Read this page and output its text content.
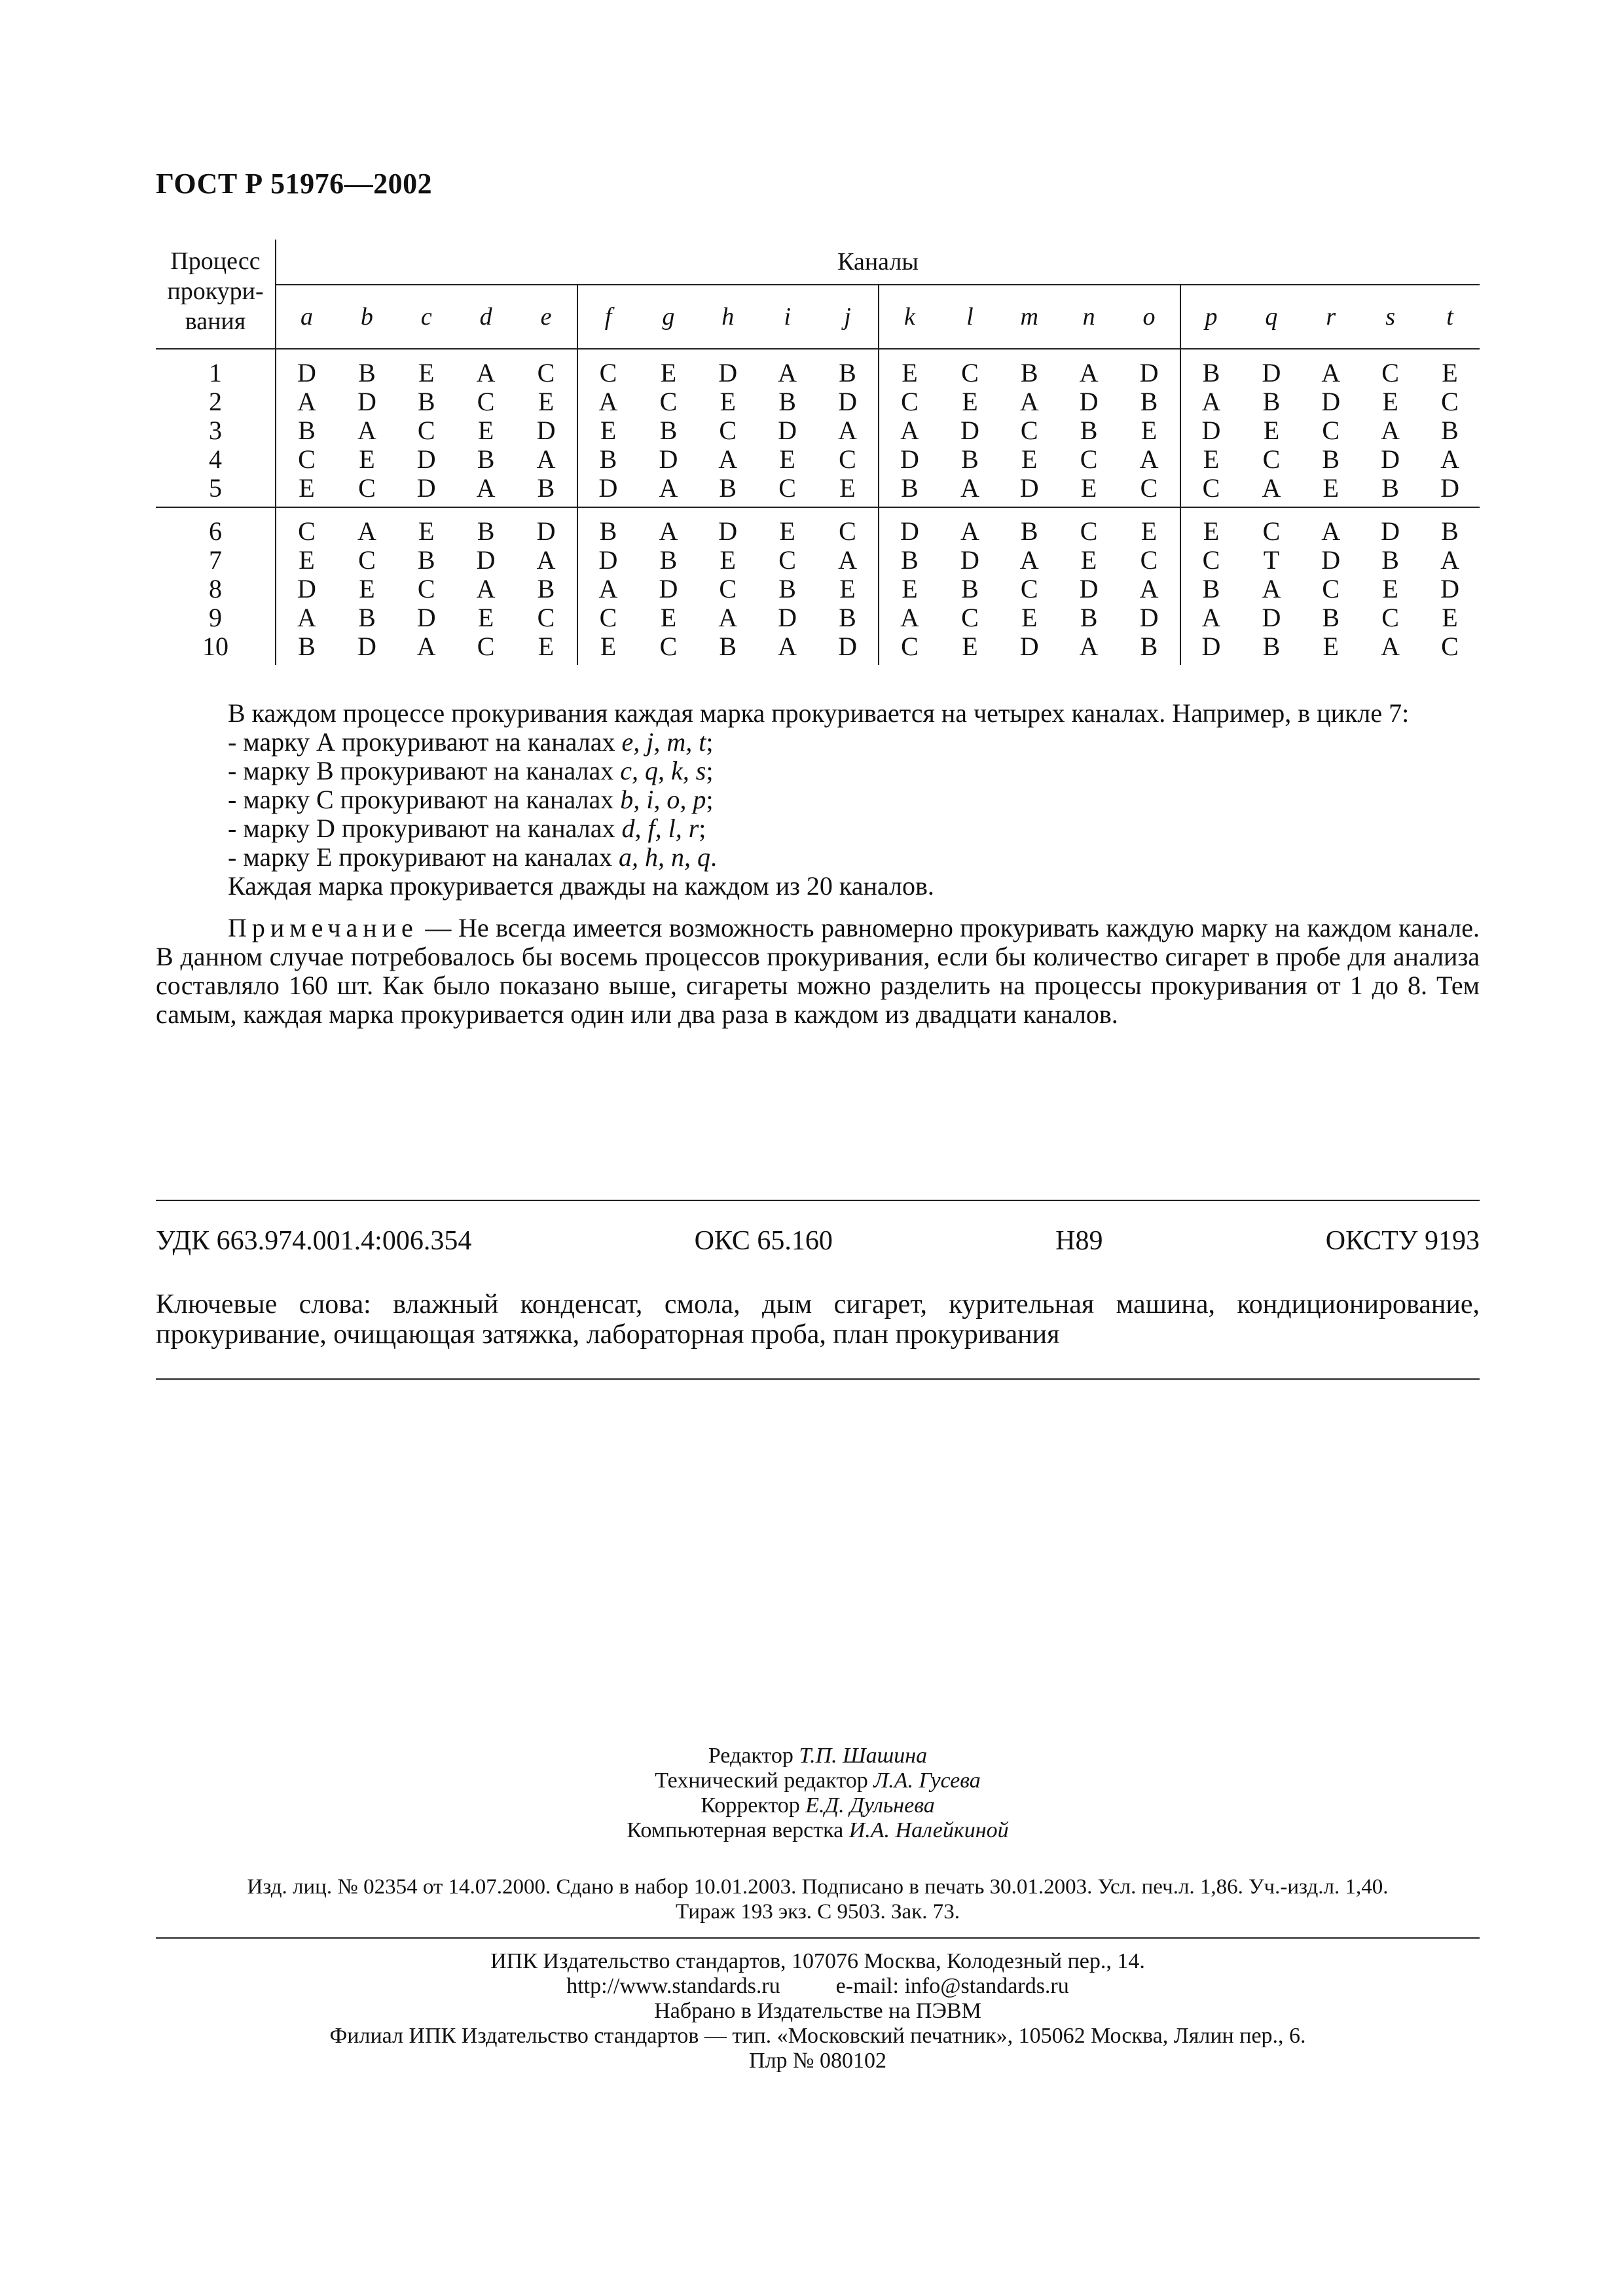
ГОСТ Р 51976—2002
Процесс
прокури-
вания	Каналы																			
	a	b	c	d	e	f	g	h	i	j	k	l	m	n	o	p	q	r	s	t
1	D	B	E	A	C	C	E	D	A	B	E	C	B	A	D	B	D	A	C	E
2	A	D	B	C	E	A	C	E	B	D	C	E	A	D	B	A	B	D	E	C
3	B	A	C	E	D	E	B	C	D	A	A	D	C	B	E	D	E	C	A	B
4	C	E	D	B	A	B	D	A	E	C	D	B	E	C	A	E	C	B	D	A
5	E	C	D	A	B	D	A	B	C	E	B	A	D	E	C	C	A	E	B	D
6	C	A	E	B	D	B	A	D	E	C	D	A	B	C	E	E	C	A	D	B
7	E	C	B	D	A	D	B	E	C	A	B	D	A	E	C	C	T	D	B	A
8	D	E	C	A	B	A	D	C	B	E	E	B	C	D	A	B	A	C	E	D
9	A	B	D	E	C	C	E	A	D	B	A	C	E	B	D	A	D	B	C	E
10	B	D	A	C	E	E	C	B	A	D	C	E	D	A	B	D	B	E	A	C
В каждом процессе прокуривания каждая марка прокуривается на четырех каналах. Например, в цикле 7:
- марку А прокуривают на каналах e, j, m, t;
- марку В прокуривают на каналах c, q, k, s;
- марку С прокуривают на каналах b, i, o, p;
- марку D прокуривают на каналах d, f, l, r;
- марку Е прокуривают на каналах a, h, n, q.
Каждая марка прокуривается дважды на каждом из 20 каналов.
Примечание — Не всегда имеется возможность равномерно прокуривать каждую марку на каждом канале. В данном случае потребовалось бы восемь процессов прокуривания, если бы количество сигарет в пробе для анализа составляло 160 шт. Как было показано выше, сигареты можно разделить на процессы прокуривания от 1 до 8. Тем самым, каждая марка прокуривается один или два раза в каждом из двадцати каналов.
УДК 663.974.001.4:006.354	ОКС 65.160	Н89	ОКСТУ 9193
Ключевые слова: влажный конденсат, смола, дым сигарет, курительная машина, кондиционирование, прокуривание, очищающая затяжка, лабораторная проба, план прокуривания
Редактор Т.П. Шашина
Технический редактор Л.А. Гусева
Корректор Е.Д. Дульнева
Компьютерная верстка И.А. Налейкиной
Изд. лиц. № 02354 от 14.07.2000. Сдано в набор 10.01.2003. Подписано в печать 30.01.2003. Усл. печ.л. 1,86. Уч.-изд.л. 1,40.
Тираж 193 экз. С 9503. Зак. 73.
ИПК Издательство стандартов, 107076 Москва, Колодезный пер., 14.
http://www.standards.ru          e-mail: info@standards.ru
Набрано в Издательстве на ПЭВМ
Филиал ИПК Издательство стандартов — тип. «Московский печатник», 105062 Москва, Лялин пер., 6.
Плр № 080102
